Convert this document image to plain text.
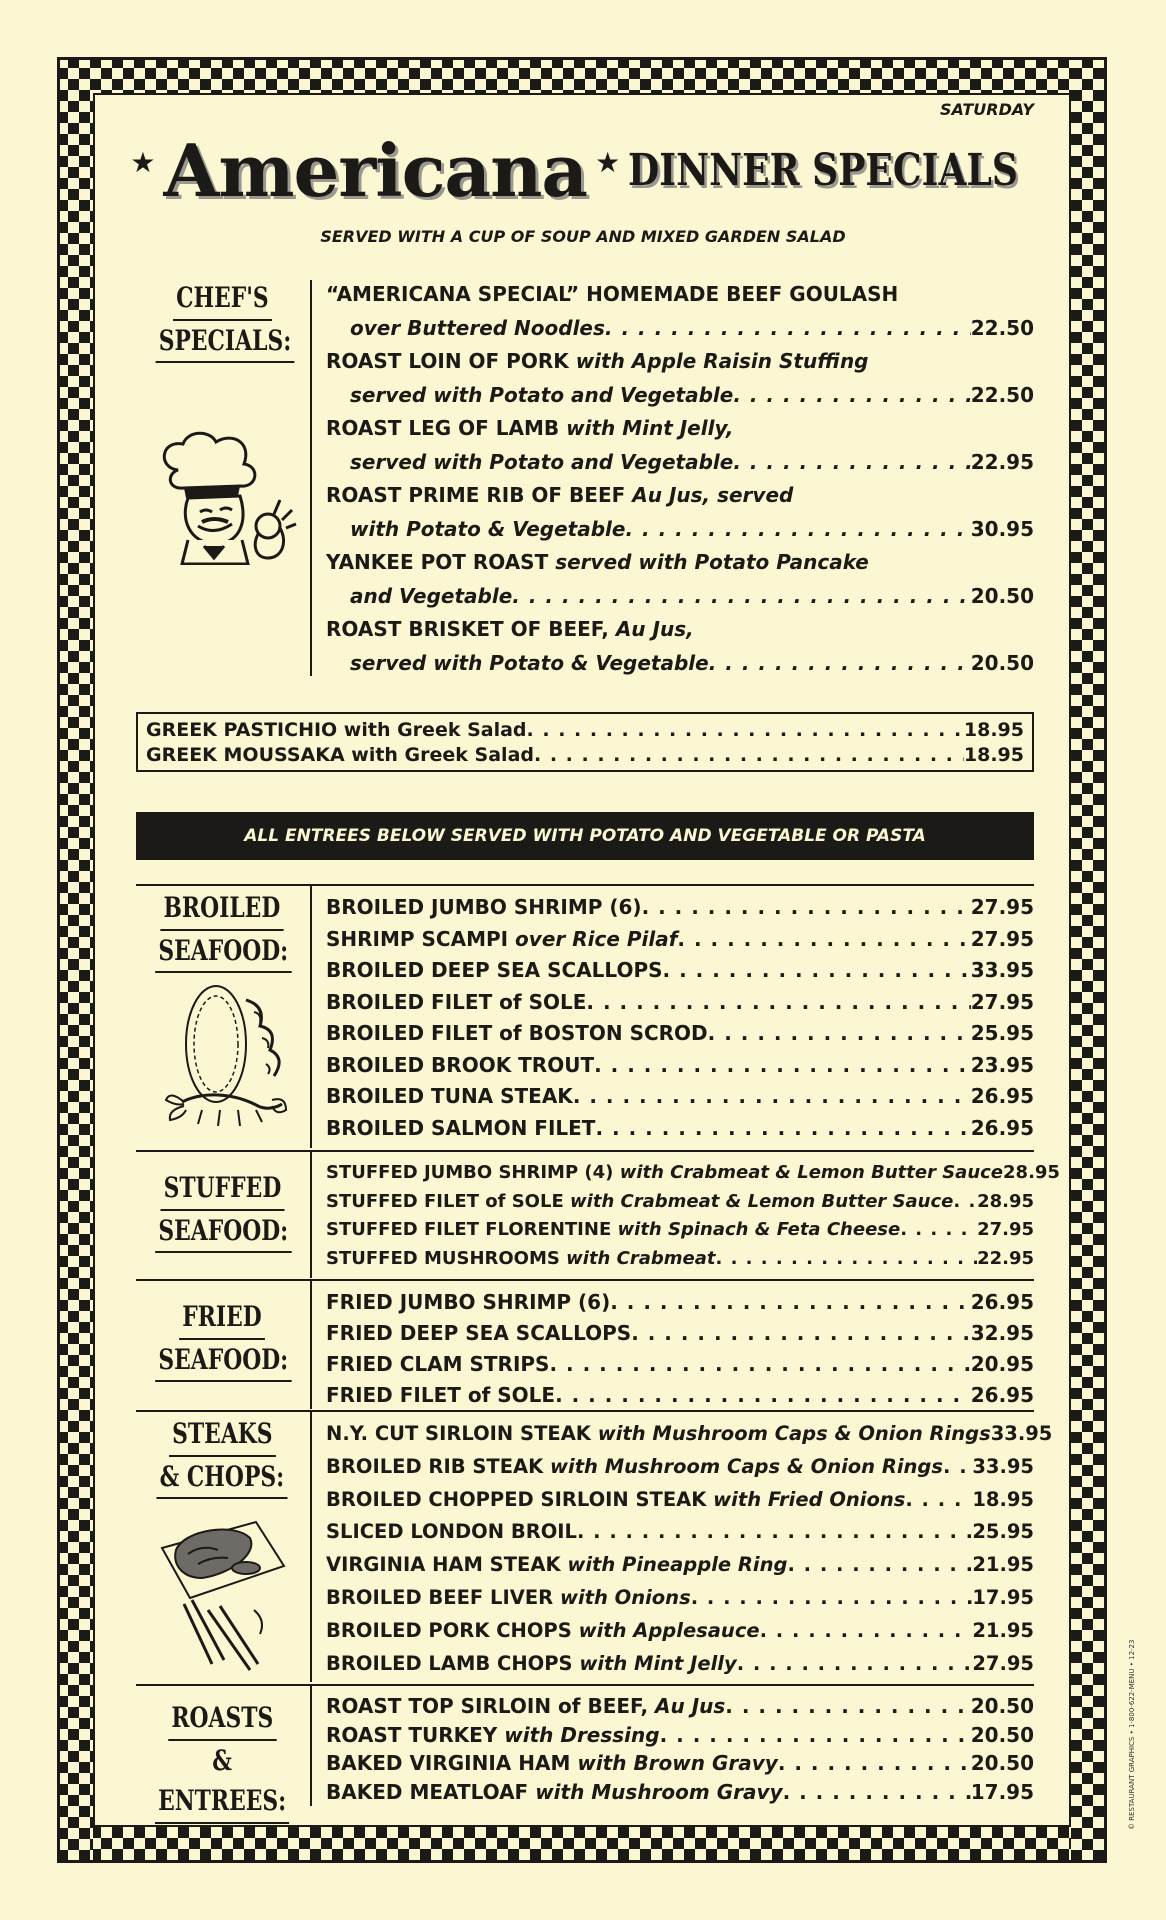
SATURDAY
★ Americana ★ DINNER SPECIALS
SERVED WITH A CUP OF SOUP AND MIXED GARDEN SALAD
CHEF'S
SPECIALS:
“AMERICANA SPECIAL” HOMEMADE BEEF GOULASH
over Buttered Noodles . . .	22.50
ROAST LOIN OF PORK with Apple Raisin Stuffing
served with Potato and Vegetable . . .	22.50
ROAST LEG OF LAMB with Mint Jelly,
served with Potato and Vegetable . . .	22.95
ROAST PRIME RIB OF BEEF Au Jus, served
with Potato & Vegetable . . .	30.95
YANKEE POT ROAST served with Potato Pancake
and Vegetable . . .	20.50
ROAST BRISKET OF BEEF, Au Jus,
served with Potato & Vegetable . . .	20.50
GREEK PASTICHIO with Greek Salad . . .	18.95
GREEK MOUSSAKA with Greek Salad . . .	18.95
ALL ENTREES BELOW SERVED WITH POTATO AND VEGETABLE OR PASTA
BROILED
SEAFOOD:
BROILED JUMBO SHRIMP (6) . . .	27.95
SHRIMP SCAMPI over Rice Pilaf . . .	27.95
BROILED DEEP SEA SCALLOPS . . .	33.95
BROILED FILET of SOLE . . .	27.95
BROILED FILET of BOSTON SCROD . . .	25.95
BROILED BROOK TROUT . . .	23.95
BROILED TUNA STEAK . . .	26.95
BROILED SALMON FILET . . .	26.95
STUFFED
SEAFOOD:
STUFFED JUMBO SHRIMP (4) with Crabmeat & Lemon Butter Sauce 28.95
STUFFED FILET of SOLE with Crabmeat & Lemon Butter Sauce . . . 28.95
STUFFED FILET FLORENTINE with Spinach & Feta Cheese . . .	27.95
STUFFED MUSHROOMS with Crabmeat . . .	22.95
FRIED
SEAFOOD:
FRIED JUMBO SHRIMP (6) . . .	26.95
FRIED DEEP SEA SCALLOPS . . .	32.95
FRIED CLAM STRIPS . . .	20.95
FRIED FILET of SOLE . . .	26.95
STEAKS
& CHOPS:
N.Y. CUT SIRLOIN STEAK with Mushroom Caps & Onion Rings 33.95
BROILED RIB STEAK with Mushroom Caps & Onion Rings . . . 33.95
BROILED CHOPPED SIRLOIN STEAK with Fried Onions . . .	18.95
SLICED LONDON BROIL . . .	25.95
VIRGINIA HAM STEAK with Pineapple Ring . . .	21.95
BROILED BEEF LIVER with Onions . . .	17.95
BROILED PORK CHOPS with Applesauce . . .	21.95
BROILED LAMB CHOPS with Mint Jelly . . .	27.95
ROASTS
& ENTREES:
ROAST TOP SIRLOIN of BEEF, Au Jus . . .	20.50
ROAST TURKEY with Dressing . . .	20.50
BAKED VIRGINIA HAM with Brown Gravy . . .	20.50
BAKED MEATLOAF with Mushroom Gravy . . .	17.95	© RESTAURANT GRAPHICS • 1-800-622-MENU • 12-23
